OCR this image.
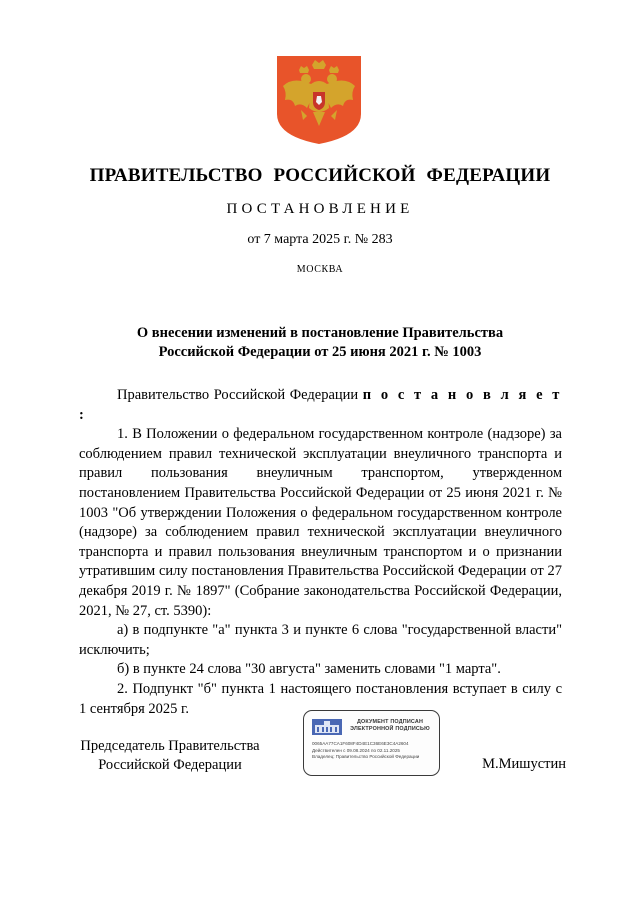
ПРАВИТЕЛЬСТВО РОССИЙСКОЙ ФЕДЕРАЦИИ
ПОСТАНОВЛЕНИЕ
от 7 марта 2025 г. № 283
МОСКВА
О внесении изменений в постановление Правительства
Российской Федерации от 25 июня 2021 г. № 1003

Правительство Российской Федерации п о с т а н о в л я е т :

1. В Положении о федеральном государственном контроле (надзоре) за соблюдением правил технической эксплуатации внеуличного транспорта и правил пользования внеуличным транспортом, утвержденном постановлением Правительства Российской Федерации от 25 июня 2021 г. № 1003 "Об утверждении Положения о федеральном государственном контроле (надзоре) за соблюдением правил технической эксплуатации внеуличного транспорта и правил пользования внеуличным транспортом и о признании утратившим силу постановления Правительства Российской Федерации от 27 декабря 2019 г. № 1897" (Собрание законодательства Российской Федерации, 2021, № 27, ст. 5390):

а) в подпункте "а" пункта 3 и пункте 6 слова "государственной власти" исключить;

б) в пункте 24 слова "30 августа" заменить словами "1 марта".

2. Подпункт "б" пункта 1 настоящего постановления вступает в силу с 1 сентября 2025 г.

Председатель Правительства
Российской Федерации
ДОКУМЕНТ ПОДПИСАН
ЭЛЕКТРОННОЙ ПОДПИСЬЮ
0065AA77CA1F608F4D4E1C36E6E3C4A2604
Действителен с 09.08.2024 по 02.11.2025
Владелец: Правительство Российской Федерации	М.Мишустин
